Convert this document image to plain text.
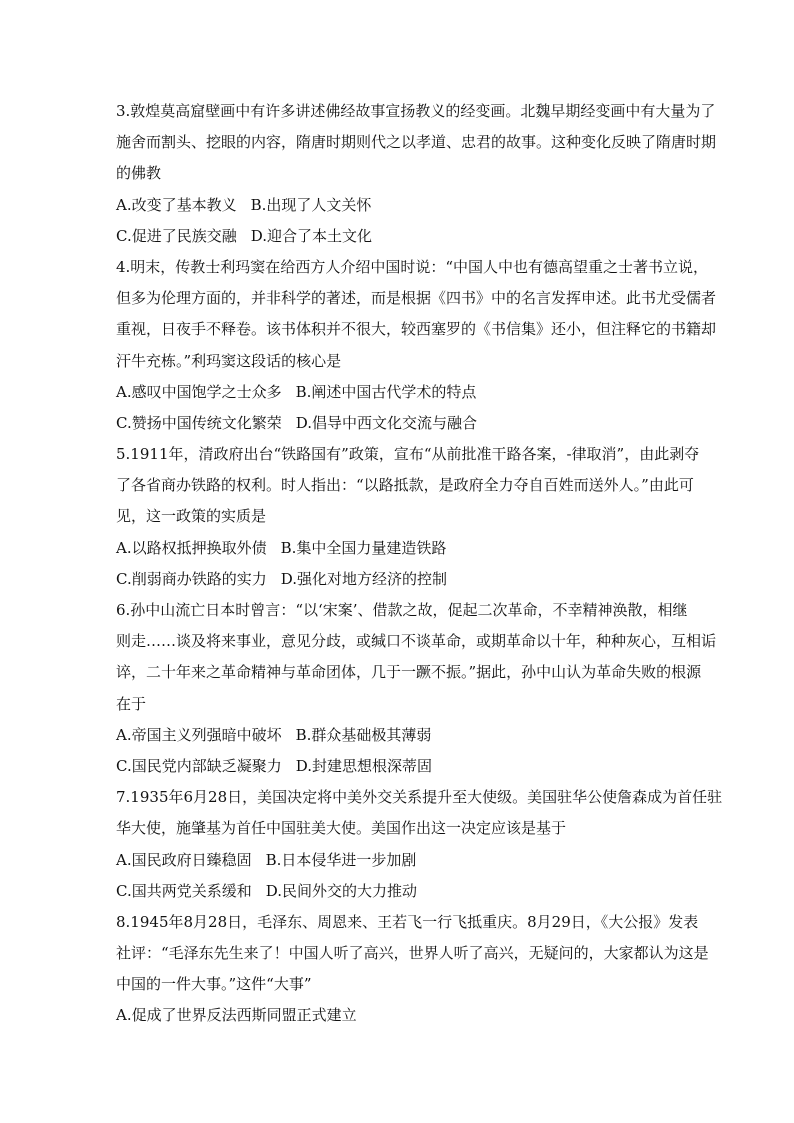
3.敦煌莫高窟壁画中有许多讲述佛经故事宣扬教义的经变画。北魏早期经变画中有大量为了
施舍而割头、挖眼的内容，隋唐时期则代之以孝道、忠君的故事。这种变化反映了隋唐时期
的佛教
A.改变了基本教义 B.出现了人文关怀
C.促进了民族交融 D.迎合了本土文化
4.明末，传教士利玛窦在给西方人介绍中国时说：“中国人中也有德高望重之士著书立说，
但多为伦理方面的，并非科学的著述，而是根据《四书》中的名言发挥申述。此书尤受儒者
重视，日夜手不释卷。该书体积并不很大，较西塞罗的《书信集》还小，但注释它的书籍却
汗牛充栋。”利玛窦这段话的核心是
A.感叹中国饱学之士众多 B.阐述中国古代学术的特点
C.赞扬中国传统文化繁荣 D.倡导中西文化交流与融合
5.1911年，清政府出台“铁路国有”政策，宣布“从前批准干路各案，-律取消”，由此剥夺
了各省商办铁路的权利。时人指出：“以路抵款，是政府全力夺自百姓而送外人。”由此可
见，这一政策的实质是
A.以路权抵押换取外债 B.集中全国力量建造铁路
C.削弱商办铁路的实力 D.强化对地方经济的控制
6.孙中山流亡日本时曾言：“以‘宋案’、借款之故，促起二次革命，不幸精神涣散，相继
则走……谈及将来事业，意见分歧，或缄口不谈革命，或期革命以十年，种种灰心，互相诟
谇，二十年来之革命精神与革命团体，几于一蹶不振。”据此，孙中山认为革命失败的根源
在于
A.帝国主义列强暗中破坏 B.群众基础极其薄弱
C.国民党内部缺乏凝聚力 D.封建思想根深蒂固
7.1935年6月28日，美国决定将中美外交关系提升至大使级。美国驻华公使詹森成为首任驻
华大使，施肇基为首任中国驻美大使。美国作出这一决定应该是基于
A.国民政府日臻稳固 B.日本侵华进一步加剧
C.国共两党关系缓和 D.民间外交的大力推动
8.1945年8月28日，毛泽东、周恩来、王若飞一行飞抵重庆。8月29日，《大公报》发表
社评：“毛泽东先生来了！中国人听了高兴，世界人听了高兴，无疑问的，大家都认为这是
中国的一件大事。”这件“大事”
A.促成了世界反法西斯同盟正式建立
